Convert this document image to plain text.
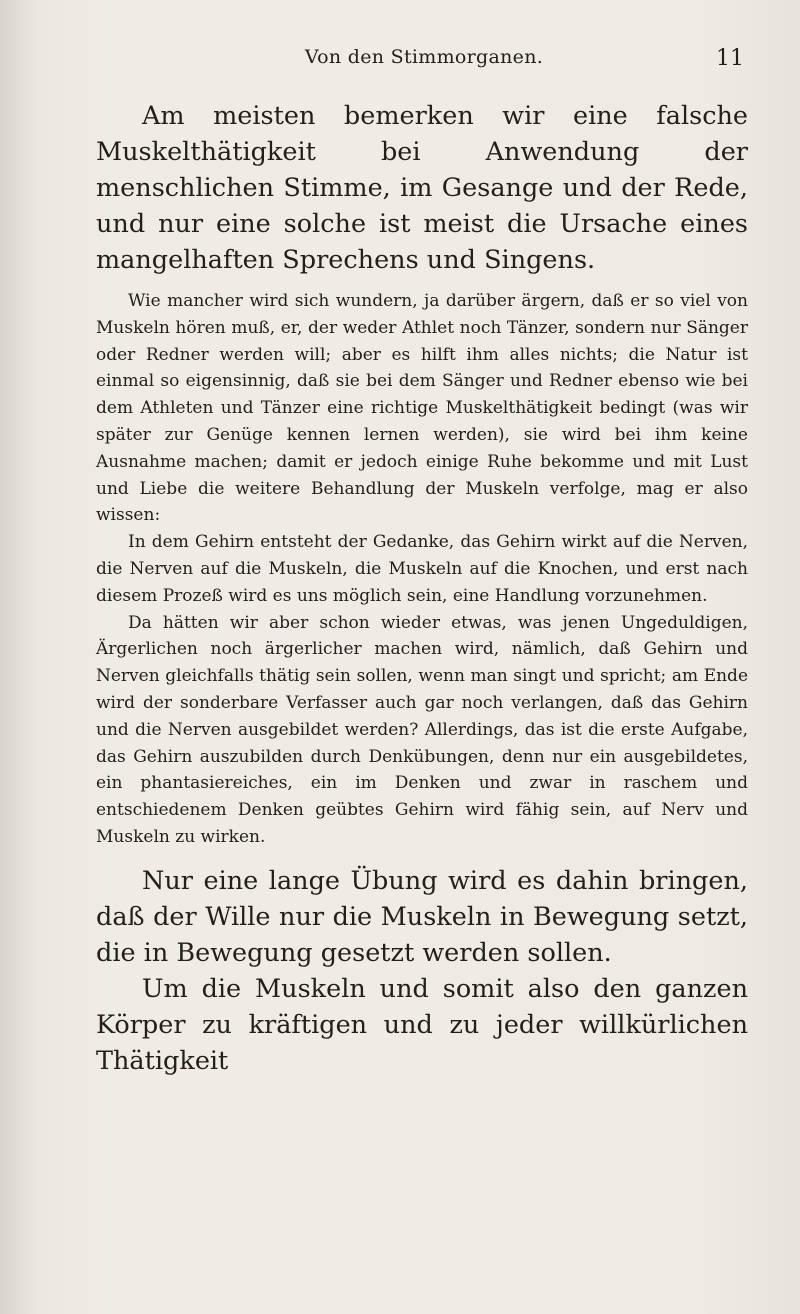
Von den Stimmorganen.	11

Am meisten bemerken wir eine falsche Muskelthätigkeit bei Anwendung der menschlichen Stimme, im Gesange und der Rede, und nur eine solche ist meist die Ursache eines mangelhaften Sprechens und Singens.

Wie mancher wird sich wundern, ja darüber ärgern, daß er so viel von Muskeln hören muß, er, der weder Athlet noch Tänzer, sondern nur Sänger oder Redner werden will; aber es hilft ihm alles nichts; die Natur ist einmal so eigensinnig, daß sie bei dem Sänger und Redner ebenso wie bei dem Athleten und Tänzer eine richtige Muskelthätigkeit bedingt (was wir später zur Genüge kennen lernen werden), sie wird bei ihm keine Ausnahme machen; damit er jedoch einige Ruhe bekomme und mit Lust und Liebe die weitere Behandlung der Muskeln verfolge, mag er also wissen:

In dem Gehirn entsteht der Gedanke, das Gehirn wirkt auf die Nerven, die Nerven auf die Muskeln, die Muskeln auf die Knochen, und erst nach diesem Prozeß wird es uns möglich sein, eine Handlung vorzunehmen.

Da hätten wir aber schon wieder etwas, was jenen Ungeduldigen, Ärgerlichen noch ärgerlicher machen wird, nämlich, daß Gehirn und Nerven gleichfalls thätig sein sollen, wenn man singt und spricht; am Ende wird der sonderbare Verfasser auch gar noch verlangen, daß das Gehirn und die Nerven ausgebildet werden? Allerdings, das ist die erste Aufgabe, das Gehirn auszubilden durch Denkübungen, denn nur ein ausgebildetes, ein phantasiereiches, ein im Denken und zwar in raschem und entschiedenem Denken geübtes Gehirn wird fähig sein, auf Nerv und Muskeln zu wirken.

Nur eine lange Übung wird es dahin bringen, daß der Wille nur die Muskeln in Bewegung setzt, die in Bewegung gesetzt werden sollen.

Um die Muskeln und somit also den ganzen Körper zu kräftigen und zu jeder willkürlichen Thätigkeit
